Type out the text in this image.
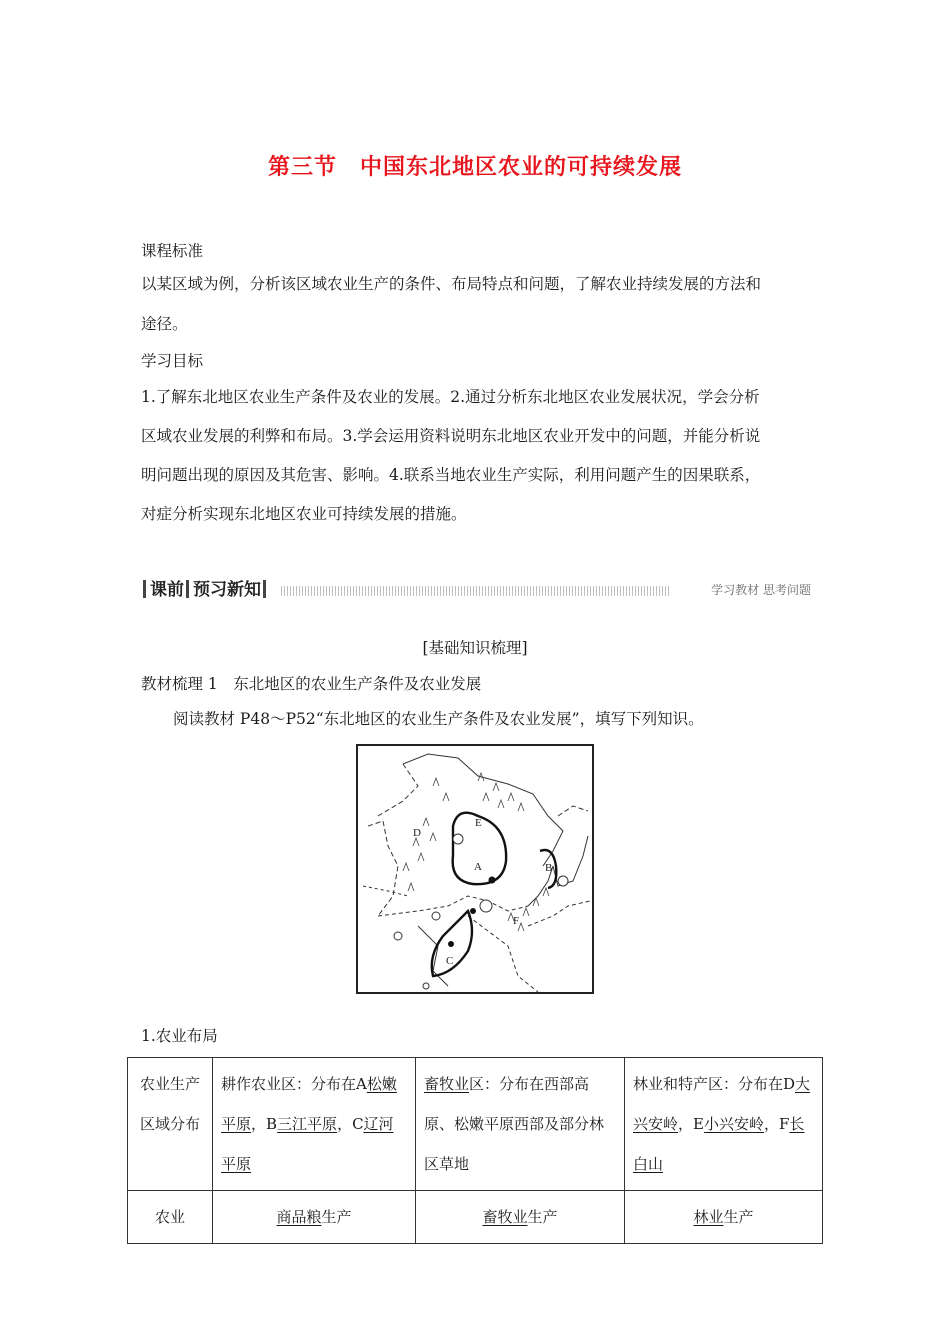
第三节　中国东北地区农业的可持续发展
课程标准
以某区域为例，分析该区域农业生产的条件、布局特点和问题，了解农业持续发展的方法和
途径。
学习目标
1.了解东北地区农业生产条件及农业的发展。2.通过分析东北地区农业发展状况，学会分析
区域农业发展的利弊和布局。3.学会运用资料说明东北地区农业开发中的问题，并能分析说
明问题出现的原因及其危害、影响。4.联系当地农业生产实际，利用问题产生的因果联系，
对症分析实现东北地区农业可持续发展的措施。
课前 预习新知	学习教材 思考问题
[基础知识梳理]
教材梳理 1　东北地区的农业生产条件及农业发展
阅读教材 P48～P52“东北地区的农业生产条件及农业发展”，填写下列知识。
A	B
C
D
E
F
1.农业布局
农业生产区域分布	耕作农业区：分布在A松嫩平原，B三江平原，C辽河平原	畜牧业区：分布在西部高原、松嫩平原西部及部分林区草地	林业和特产区：分布在D大兴安岭，E小兴安岭，F长白山
农业	商品粮生产	畜牧业生产	林业生产
